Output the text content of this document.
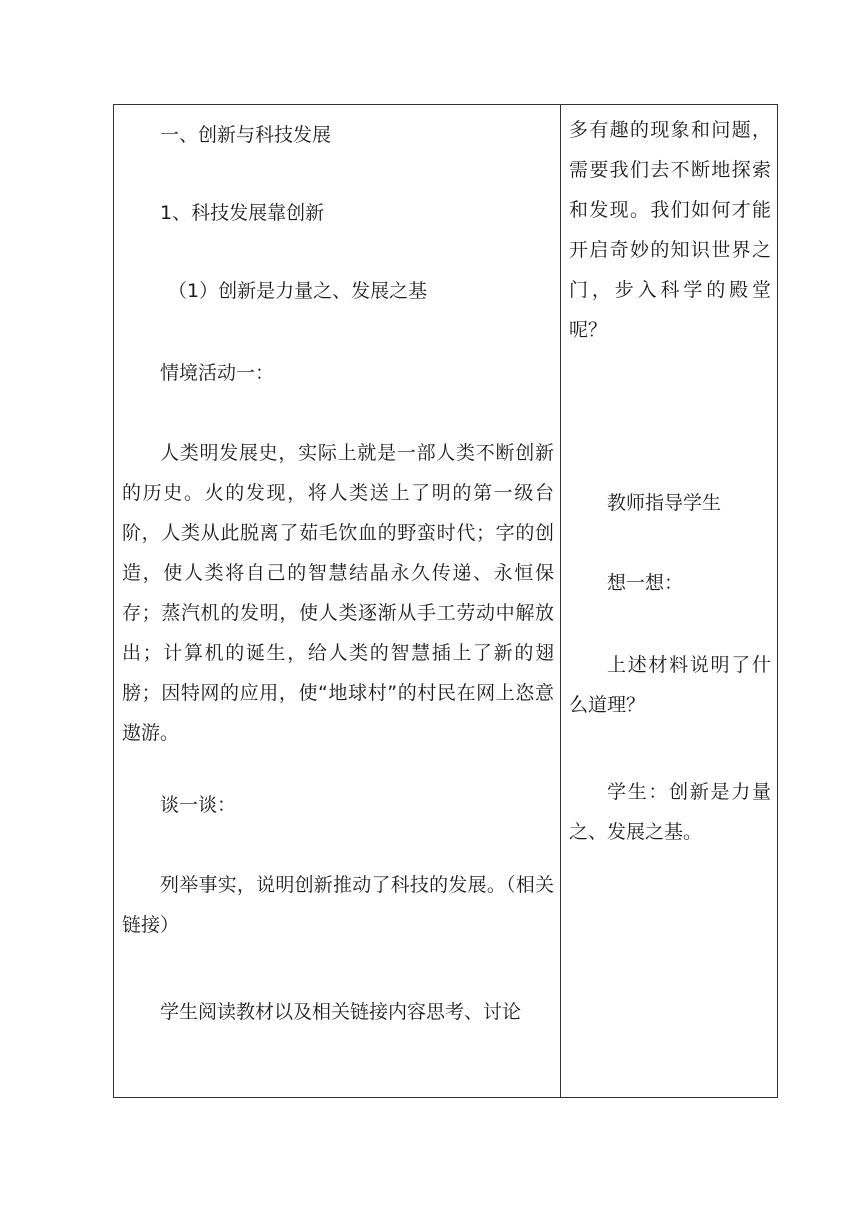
一、创新与科技发展

1、科技发展靠创新

（1）创新是力量之、发展之基

情境活动一：

人类明发展史，实际上就是一部人类不断创新的历史。火的发现，将人类送上了明的第一级台阶，人类从此脱离了茹毛饮血的野蛮时代；字的创造，使人类将自己的智慧结晶永久传递、永恒保存；蒸汽机的发明，使人类逐渐从手工劳动中解放出；计算机的诞生，给人类的智慧插上了新的翅膀；因特网的应用，使“地球村”的村民在网上恣意遨游。

谈一谈：

列举事实，说明创新推动了科技的发展。（相关链接）

学生阅读教材以及相关链接内容思考、讨论

多有趣的现象和问题，需要我们去不断地探索和发现。我们如何才能开启奇妙的知识世界之门，步入科学的殿堂呢？

教师指导学生

想一想：

上述材料说明了什么道理？

学生：创新是力量之、发展之基。
